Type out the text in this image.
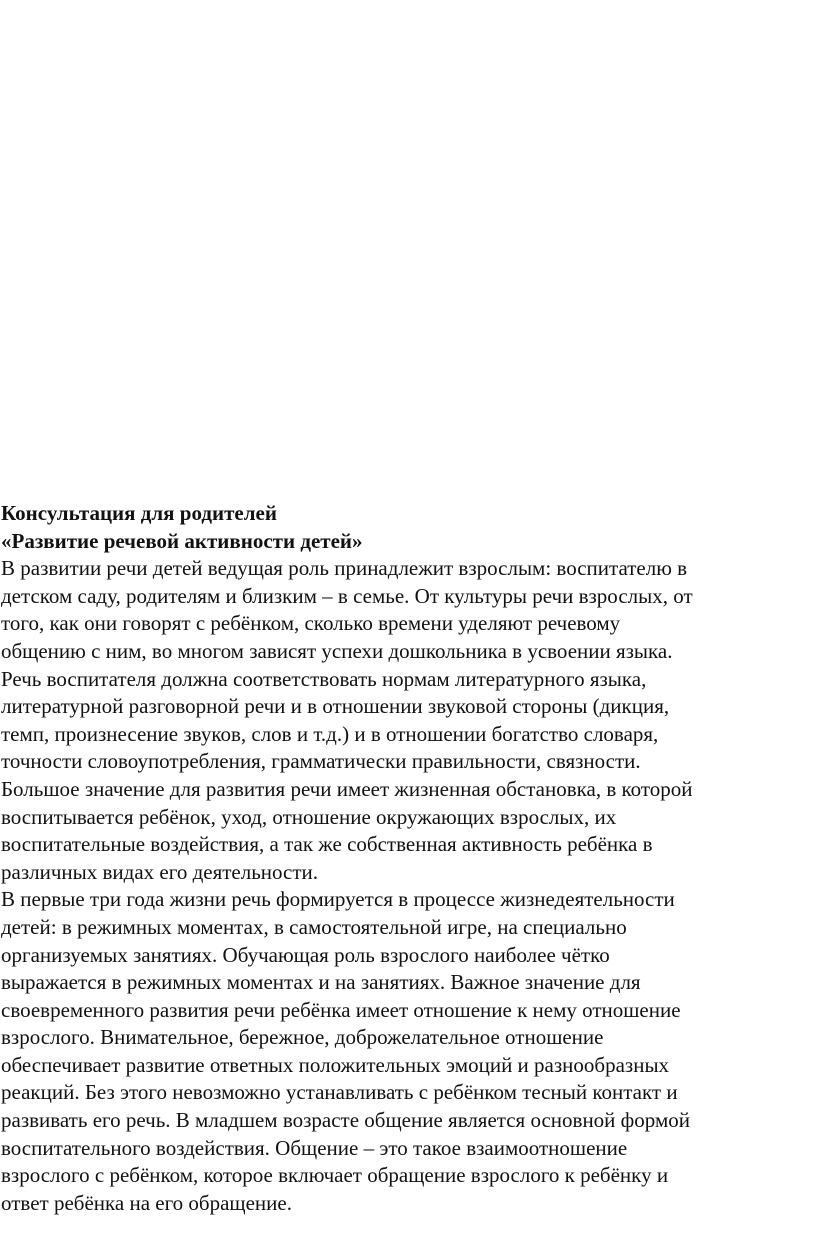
Консультация для родителей
«Развитие речевой активности детей»
В развитии речи детей ведущая роль принадлежит взрослым: воспитателю в
детском саду, родителям и близким – в семье. От культуры речи взрослых, от
того, как они говорят с ребёнком, сколько времени уделяют речевому
общению с ним, во многом зависят успехи дошкольника в усвоении языка.
Речь воспитателя должна соответствовать нормам литературного языка,
литературной разговорной речи и в отношении звуковой стороны (дикция,
темп, произнесение звуков, слов и т.д.) и в отношении богатство словаря,
точности словоупотребления, грамматически правильности, связности.
Большое значение для развития речи имеет жизненная обстановка, в которой
воспитывается ребёнок, уход, отношение окружающих взрослых, их
воспитательные воздействия, а так же собственная активность ребёнка в
различных видах его деятельности.
В первые три года жизни речь формируется в процессе жизнедеятельности
детей: в режимных моментах, в самостоятельной игре, на специально
организуемых занятиях. Обучающая роль взрослого наиболее чётко
выражается в режимных моментах и на занятиях. Важное значение для
своевременного развития речи ребёнка имеет отношение к нему отношение
взрослого. Внимательное, бережное, доброжелательное отношение
обеспечивает развитие ответных положительных эмоций и разнообразных
реакций. Без этого невозможно устанавливать с ребёнком тесный контакт и
развивать его речь. В младшем возрасте общение является основной формой
воспитательного воздействия. Общение – это такое взаимоотношение
взрослого с ребёнком, которое включает обращение взрослого к ребёнку и
ответ ребёнка на его обращение.
